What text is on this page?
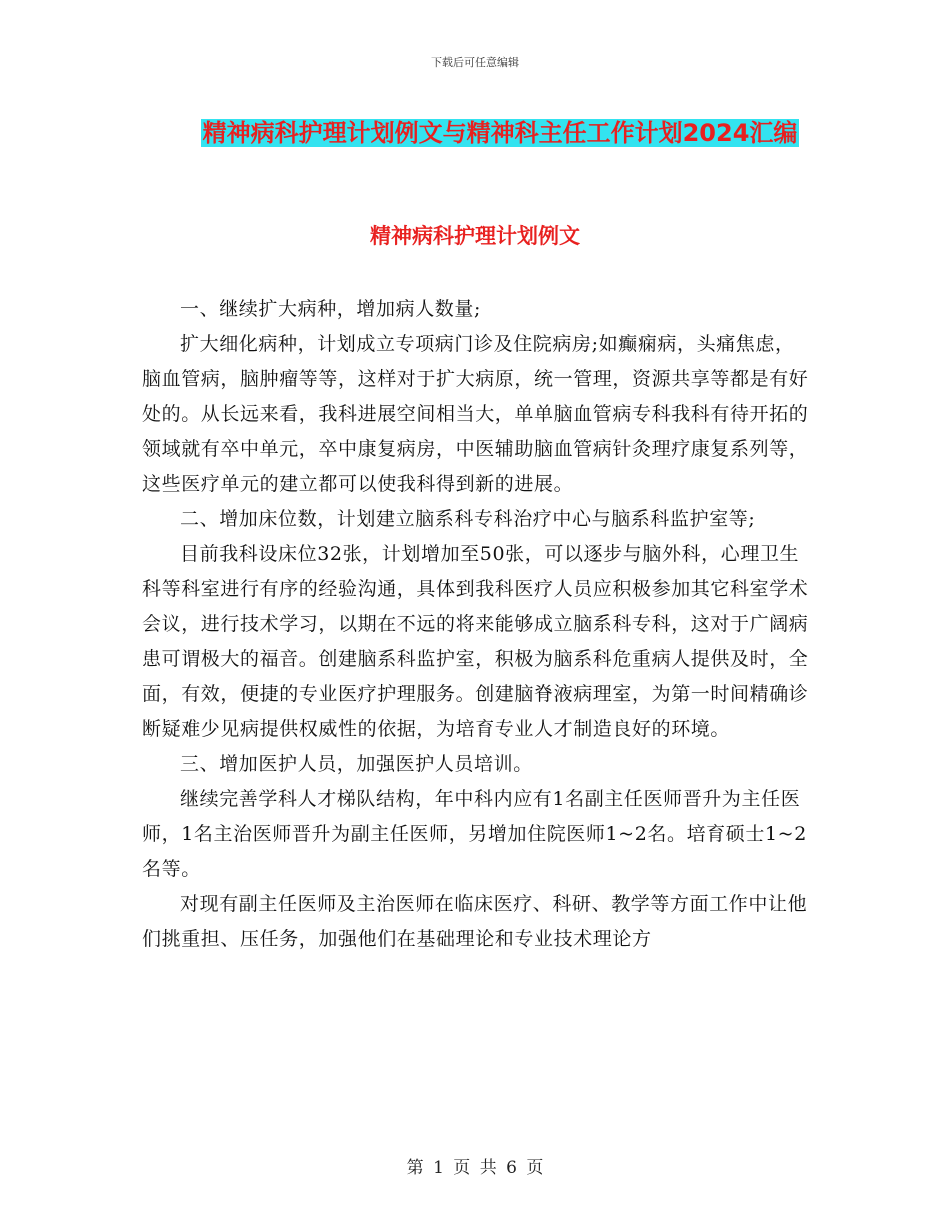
下载后可任意编辑
精神病科护理计划例文与精神科主任工作计划2024汇编
精神病科护理计划例文

一、继续扩大病种，增加病人数量;

扩大细化病种，计划成立专项病门诊及住院病房;如癫痫病，头痛焦虑，脑血管病，脑肿瘤等等，这样对于扩大病原，统一管理，资源共享等都是有好处的。从长远来看，我科进展空间相当大，单单脑血管病专科我科有待开拓的领域就有卒中单元，卒中康复病房，中医辅助脑血管病针灸理疗康复系列等，这些医疗单元的建立都可以使我科得到新的进展。

二、增加床位数，计划建立脑系科专科治疗中心与脑系科监护室等;

目前我科设床位32张，计划增加至50张，可以逐步与脑外科，心理卫生科等科室进行有序的经验沟通，具体到我科医疗人员应积极参加其它科室学术会议，进行技术学习，以期在不远的将来能够成立脑系科专科，这对于广阔病患可谓极大的福音。创建脑系科监护室，积极为脑系科危重病人提供及时，全面，有效，便捷的专业医疗护理服务。创建脑脊液病理室，为第一时间精确诊断疑难少见病提供权威性的依据，为培育专业人才制造良好的环境。

三、增加医护人员，加强医护人员培训。

继续完善学科人才梯队结构，年中科内应有1名副主任医师晋升为主任医师，1名主治医师晋升为副主任医师，另增加住院医师1~2名。培育硕士1~2名等。

对现有副主任医师及主治医师在临床医疗、科研、教学等方面工作中让他们挑重担、压任务，加强他们在基础理论和专业技术理论方

第 1 页 共 6 页
